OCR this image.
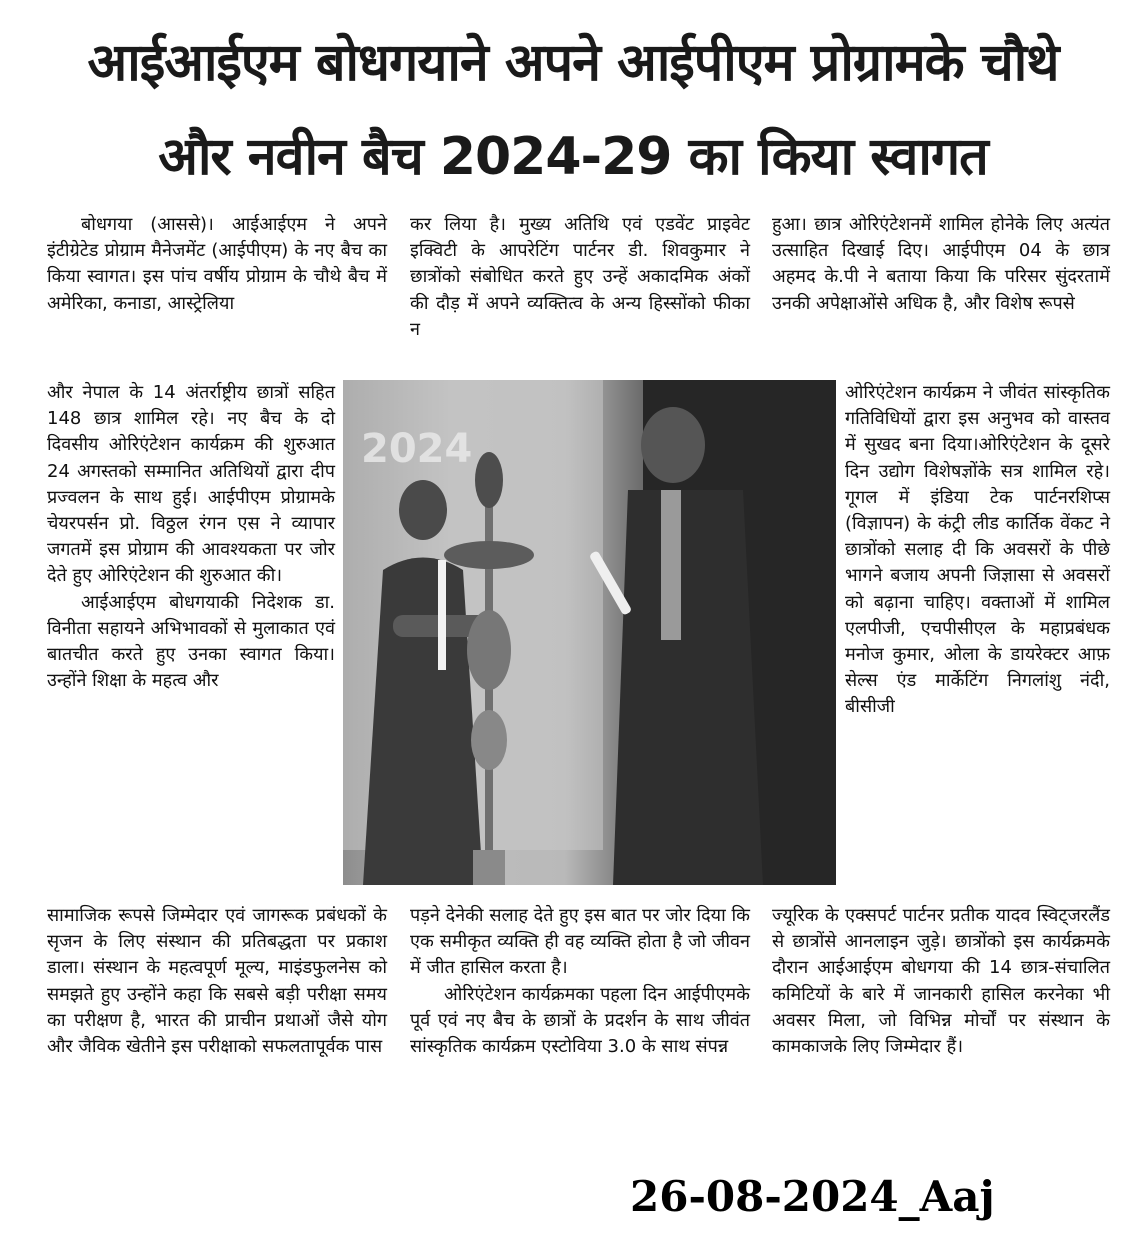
आईआईएम बोधगयाने अपने आईपीएम प्रोग्रामके चौथे
और नवीन बैच 2024-29 का किया स्वागत

बोधगया (आससे)। आईआईएम ने अपने इंटीग्रेटेड प्रोग्राम मैनेजमेंट (आईपीएम) के नए बैच का किया स्वागत। इस पांच वर्षीय प्रोग्राम के चौथे बैच में अमेरिका, कनाडा, आस्ट्रेलिया

और नेपाल के 14 अंतर्राष्ट्रीय छात्रों सहित 148 छात्र शामिल रहे। नए बैच के दो दिवसीय ओरिएंटेशन कार्यक्रम की शुरुआत 24 अगस्तको सम्मानित अतिथियों द्वारा दीप प्रज्वलन के साथ हुई। आईपीएम प्रोग्रामके चेयरपर्सन प्रो. विठ्ठल रंगन एस ने व्यापार जगतमें इस प्रोग्राम की आवश्यकता पर जोर देते हुए ओरिएंटेशन की शुरुआत की।

आईआईएम बोधगयाकी निदेशक डा. विनीता सहायने अभिभावकों से मुलाकात एवं बातचीत करते हुए उनका स्वागत किया। उन्होंने शिक्षा के महत्व और

सामाजिक रूपसे जिम्मेदार एवं जागरूक प्रबंधकों के सृजन के लिए संस्थान की प्रतिबद्धता पर प्रकाश डाला। संस्थान के महत्वपूर्ण मूल्य, माइंडफुलनेस को समझते हुए उन्होंने कहा कि सबसे बड़ी परीक्षा समय का परीक्षण है, भारत की प्राचीन प्रथाओं जैसे योग और जैविक खेतीने इस परीक्षाको सफलतापूर्वक पास

कर लिया है। मुख्य अतिथि एवं एडवेंट प्राइवेट इक्विटी के आपरेटिंग पार्टनर डी. शिवकुमार ने छात्रोंको संबोधित करते हुए उन्हें अकादमिक अंकों की दौड़ में अपने व्यक्तित्व के अन्य हिस्सोंको फीका न

पड़ने देनेकी सलाह देते हुए इस बात पर जोर दिया कि एक समीकृत व्यक्ति ही वह व्यक्ति होता है जो जीवन में जीत हासिल करता है।

ओरिएंटेशन कार्यक्रमका पहला दिन आईपीएमके पूर्व एवं नए बैच के छात्रों के प्रदर्शन के साथ जीवंत सांस्कृतिक कार्यक्रम एस्टोविया 3.0 के साथ संपन्न

हुआ। छात्र ओरिएंटेशनमें शामिल होनेके लिए अत्यंत उत्साहित दिखाई दिए। आईपीएम 04 के छात्र अहमद के.पी ने बताया किया कि परिसर सुंदरतामें उनकी अपेक्षाओंसे अधिक है, और विशेष रूपसे

ओरिएंटेशन कार्यक्रम ने जीवंत सांस्कृतिक गतिविधियों द्वारा इस अनुभव को वास्तव में सुखद बना दिया।ओरिएंटेशन के दूसरे दिन उद्योग विशेषज्ञोंके सत्र शामिल रहे। गूगल में इंडिया टेक पार्टनरशिप्स (विज्ञापन) के कंट्री लीड कार्तिक वेंकट ने छात्रोंको सलाह दी कि अवसरों के पीछे भागने बजाय अपनी जिज्ञासा से अवसरों को बढ़ाना चाहिए। वक्ताओं में शामिल एलपीजी, एचपीसीएल के महाप्रबंधक मनोज कुमार, ओला के डायरेक्टर आफ़ सेल्स एंड मार्केटिंग निगलांशु नंदी, बीसीजी

ज्यूरिक के एक्सपर्ट पार्टनर प्रतीक यादव स्विट्जरलैंड से छात्रोंसे आनलाइन जुड़े। छात्रोंको इस कार्यक्रमके दौरान आईआईएम बोधगया की 14 छात्र-संचालित कमिटियों के बारे में जानकारी हासिल करनेका भी अवसर मिला, जो विभिन्न मोर्चों पर संस्थान के कामकाजके लिए जिम्मेदार हैं।

2024
26-08-2024_Aaj
